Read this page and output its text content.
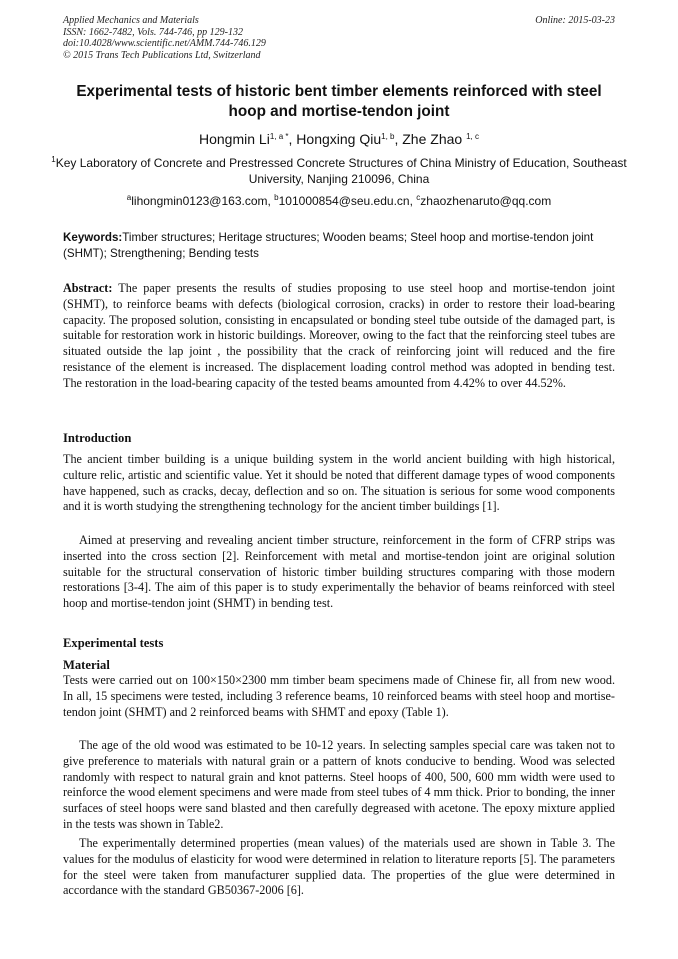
Applied Mechanics and Materials
ISSN: 1662-7482, Vols. 744-746, pp 129-132
doi:10.4028/www.scientific.net/AMM.744-746.129
© 2015 Trans Tech Publications Ltd, Switzerland
Online: 2015-03-23
Experimental tests of historic bent timber elements reinforced with steel hoop and mortise-tendon joint
Hongmin $Li^{1, a *}$, Hongxing Qiu$^{1, b}$, Zhe Zhao $^{1, c}$
$^1$Key Laboratory of Concrete and Prestressed Concrete Structures of China Ministry of Education, Southeast University, Nanjing 210096, China
$^a$lihongmin0123@163.com, $^b$101000854@seu.edu.cn, $^c$zhaozhenaruto@qq.com
Keywords:Timber structures; Heritage structures; Wooden beams; Steel hoop and mortise-tendon joint (SHMT); Strengthening; Bending tests

Abstract: The paper presents the results of studies proposing to use steel hoop and mortise-tendon joint (SHMT), to reinforce beams with defects (biological corrosion, cracks) in order to restore their load-bearing capacity. The proposed solution, consisting in encapsulated or bonding steel tube outside of the damaged part, is suitable for restoration work in historic buildings. Moreover, owing to the fact that the reinforcing steel tubes are situated outside the lap joint , the possibility that the crack of reinforcing joint will reduced and the fire resistance of the element is increased. The displacement loading control method was adopted in bending test. The restoration in the load-bearing capacity of the tested beams amounted from 4.42% to over 44.52%.

Introduction

The ancient timber building is a unique building system in the world ancient building with high historical, culture relic, artistic and scientific value. Yet it should be noted that different damage types of wood components have happened, such as cracks, decay, deflection and so on. The situation is serious for some wood components and it is worth studying the strengthening technology for the ancient timber buildings [1].

Aimed at preserving and revealing ancient timber structure, reinforcement in the form of CFRP strips was inserted into the cross section [2]. Reinforcement with metal and mortise-tendon joint are original solution suitable for the structural conservation of historic timber building structures comparing with those modern restorations [3-4]. The aim of this paper is to study experimentally the behavior of beams reinforced with steel hoop and mortise-tendon joint (SHMT) in bending test.

Experimental tests

Material

Tests were carried out on 100×150×2300 mm timber beam specimens made of Chinese fir, all from new wood. In all, 15 specimens were tested, including 3 reference beams, 10 reinforced beams with steel hoop and mortise-tendon joint (SHMT) and 2 reinforced beams with SHMT and epoxy (Table 1).

The age of the old wood was estimated to be 10-12 years. In selecting samples special care was taken not to give preference to materials with natural grain or a pattern of knots conducive to bending. Wood was selected randomly with respect to natural grain and knot patterns. Steel hoops of 400, 500, 600 mm width were used to reinforce the wood element specimens and were made from steel tubes of 4 mm thick. Prior to bonding, the inner surfaces of steel hoops were sand blasted and then carefully degreased with acetone. The epoxy mixture applied in the tests was shown in Table2.

The experimentally determined properties (mean values) of the materials used are shown in Table 3. The values for the modulus of elasticity for wood were determined in relation to literature reports [5]. The parameters for the steel were taken from manufacturer supplied data. The properties of the glue were determined in accordance with the standard GB50367-2006 [6].
